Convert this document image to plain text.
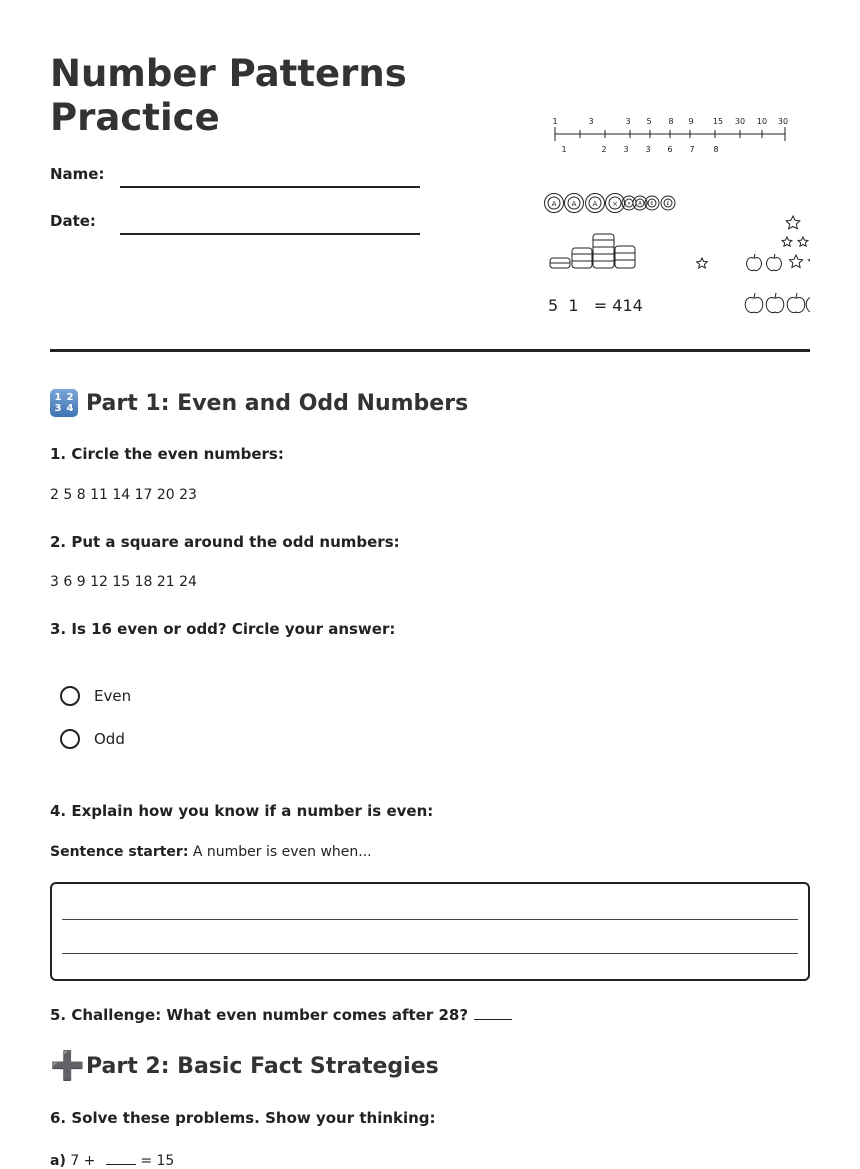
Number Patterns
Practice
Name:
Date:
1	3	3 5 8 9 15 30 10 30
1	2 3 3 6 7 8
A A A × × A €	£
5  1   = 414
1 2
3 4 Part 1: Even and Odd Numbers
1. Circle the even numbers:
2 5 8 11 14 17 20 23
2. Put a square around the odd numbers:
3 6 9 12 15 18 21 24
3. Is 16 even or odd? Circle your answer:
Even
Odd
4. Explain how you know if a number is even:
Sentence starter: A number is even when...
5. Challenge: What even number comes after 28?
➕ Part 2: Basic Fact Strategies
6. Solve these problems. Show your thinking:
a) 7 +	= 15
